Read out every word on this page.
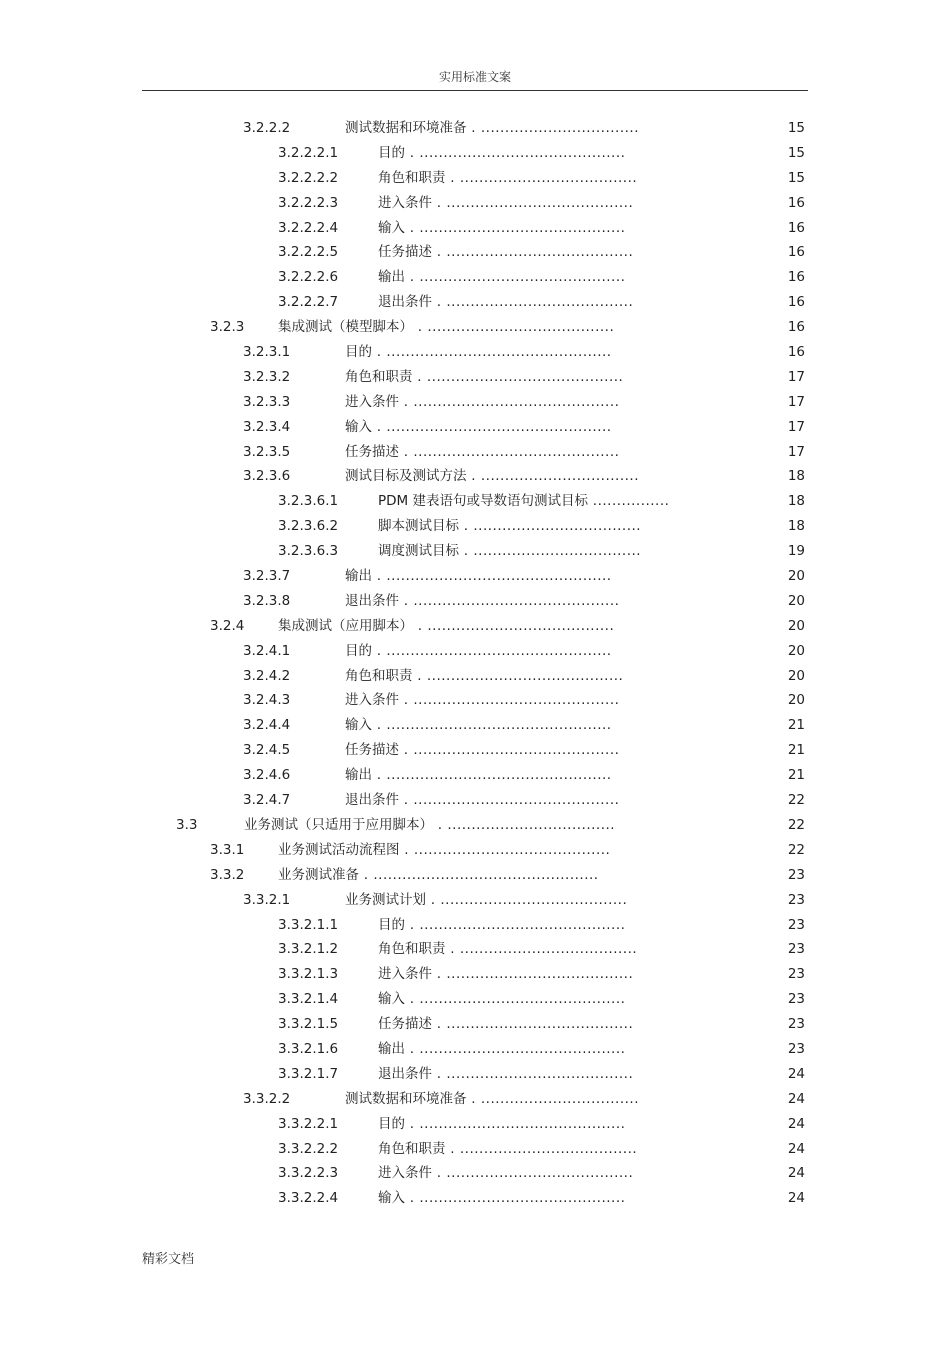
实用标准文案
3.2.2.2	测试数据和环境准备 . .................................	15
3.2.2.2.1	目的 . ...........................................	15
3.2.2.2.2	角色和职责 . .....................................	15
3.2.2.2.3	进入条件 . .......................................	16
3.2.2.2.4	输入 . ...........................................	16
3.2.2.2.5	任务描述 . .......................................	16
3.2.2.2.6	输出 . ...........................................	16
3.2.2.2.7	退出条件 . .......................................	16
3.2.3 集成测试（模型脚本） . .......................................	16
3.2.3.1	目的 . ...............................................	16
3.2.3.2	角色和职责 . .........................................	17
3.2.3.3	进入条件 . ...........................................	17
3.2.3.4	输入 . ...............................................	17
3.2.3.5	任务描述 . ...........................................	17
3.2.3.6	测试目标及测试方法 . .................................	18
3.2.3.6.1	PDM 建表语句或导数语句测试目标 ................	18
3.2.3.6.2	脚本测试目标 . ...................................	18
3.2.3.6.3	调度测试目标 . ...................................	19
3.2.3.7	输出 . ...............................................	20
3.2.3.8	退出条件 . ...........................................	20
3.2.4 集成测试（应用脚本） . .......................................	20
3.2.4.1	目的 . ...............................................	20
3.2.4.2	角色和职责 . .........................................	20
3.2.4.3	进入条件 . ...........................................	20
3.2.4.4	输入 . ...............................................	21
3.2.4.5	任务描述 . ...........................................	21
3.2.4.6	输出 . ...............................................	21
3.2.4.7	退出条件 . ...........................................	22
3.3	业务测试（只适用于应用脚本） . ...................................	22
3.3.1 业务测试活动流程图 . .........................................	22
3.3.2 业务测试准备 . ...............................................	23
3.3.2.1	业务测试计划 . .......................................	23
3.3.2.1.1	目的 . ...........................................	23
3.3.2.1.2	角色和职责 . .....................................	23
3.3.2.1.3	进入条件 . .......................................	23
3.3.2.1.4	输入 . ...........................................	23
3.3.2.1.5	任务描述 . .......................................	23
3.3.2.1.6	输出 . ...........................................	23
3.3.2.1.7	退出条件 . .......................................	24
3.3.2.2	测试数据和环境准备 . .................................	24
3.3.2.2.1	目的 . ...........................................	24
3.3.2.2.2	角色和职责 . .....................................	24
3.3.2.2.3	进入条件 . .......................................	24
3.3.2.2.4	输入 . ...........................................	24
精彩文档
